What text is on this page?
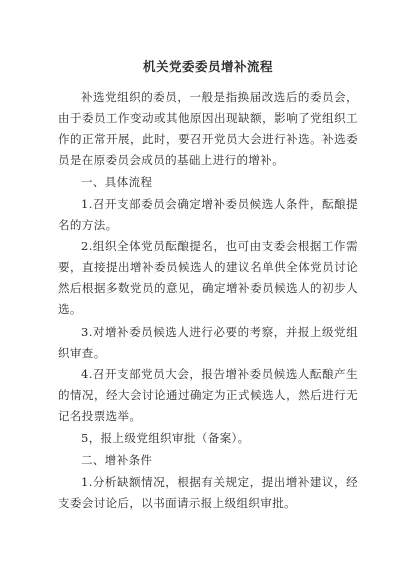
机关党委委员增补流程

补选党组织的委员，一般是指换届改选后的委员会，由于委员工作变动或其他原因出现缺额，影响了党组织工作的正常开展，此时，要召开党员大会进行补选。补选委员是在原委员会成员的基础上进行的增补。

一、具体流程

1.召开支部委员会确定增补委员候选人条件，酝酿提名的方法。

2.组织全体党员酝酿提名，也可由支委会根据工作需要，直接提出增补委员候选人的建议名单供全体党员讨论然后根据多数党员的意见，确定增补委员候选人的初步人选。

3.对增补委员候选人进行必要的考察，并报上级党组织审查。

4.召开支部党员大会，报告增补委员候选人酝酿产生的情况，经大会讨论通过确定为正式候选人，然后进行无记名投票选举。

5，报上级党组织审批（备案）。

二、增补条件

1.分析缺额情况，根据有关规定，提出增补建议，经支委会讨论后，以书面请示报上级组织审批。
